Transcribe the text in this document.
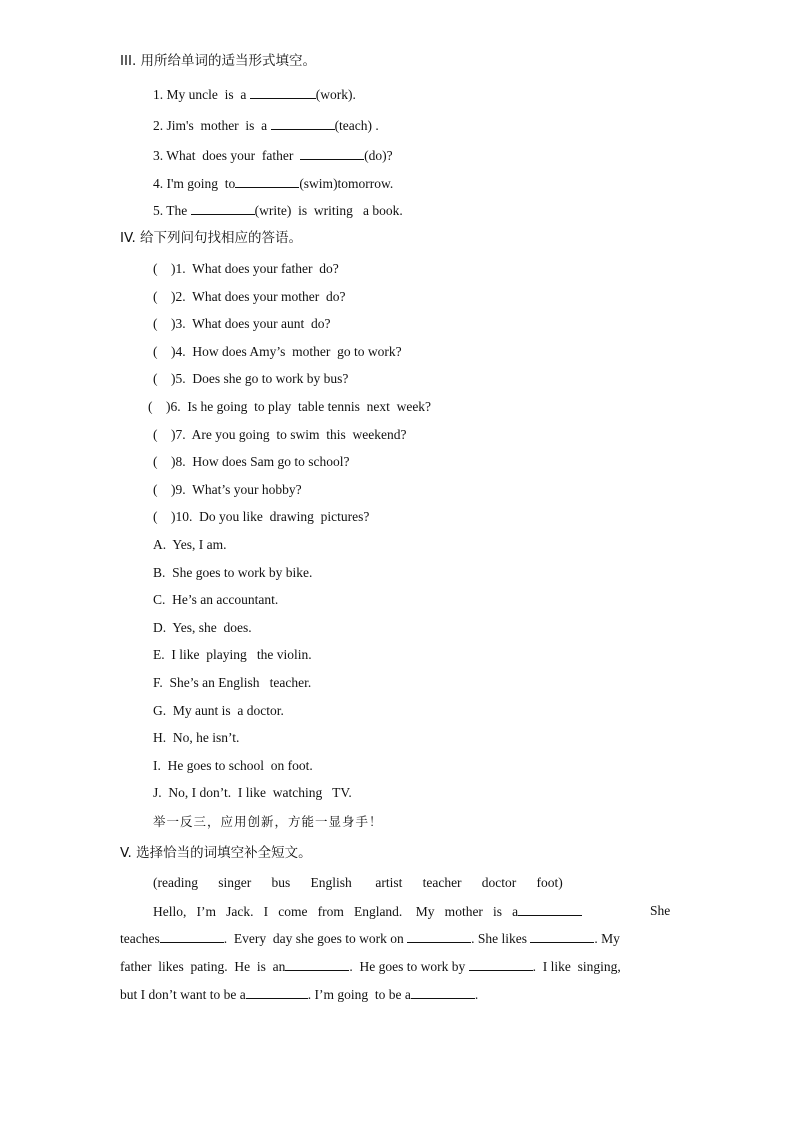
III. 用所给单词的适当形式填空。
1. My uncle  is  a	(work).
2. Jim's  mother  is  a	(teach) .
3. What  does your  father	(do)?
4. I'm going  to	(swim)tomorrow.
5. The	(write)  is  writing   a book.
IV. 给下列问句找相应的答语。
(    )1.  What does your father  do?
(    )2.  What does your mother  do?
(    )3.  What does your aunt  do?
(    )4.  How does Amy’s  mother  go to work?
(    )5.  Does she go to work by bus?
(    )6.  Is he going  to play  table tennis  next  week?
(    )7.  Are you going  to swim  this  weekend?
(    )8.  How does Sam go to school?
(    )9.  What’s your hobby?
(    )10.  Do you like  drawing  pictures?
A.  Yes, I am.
B.  She goes to work by bike.
C.  He’s an accountant.
D.  Yes, she  does.
E.  I like  playing   the violin.
F.  She’s an English   teacher.
G.  My aunt is  a doctor.
H.  No, he isn’t.
I.  He goes to school  on foot.
J.  No, I don’t.  I like  watching   TV.
举一反三，应用创新，方能一显身手！
V. 选择恰当的词填空补全短文。
(reading      singer      bus      English       artist      teacher      doctor      foot)
Hello,   I’m   Jack.   I   come   from   England.    My   mother   is   a	She
teaches	.  Every  day she goes to work on	. She likes	. My
father  likes  pating.  He  is  an	.  He goes to work by	.  I like  singing,
but I don’t want to be a	. I’m going  to be a	.
